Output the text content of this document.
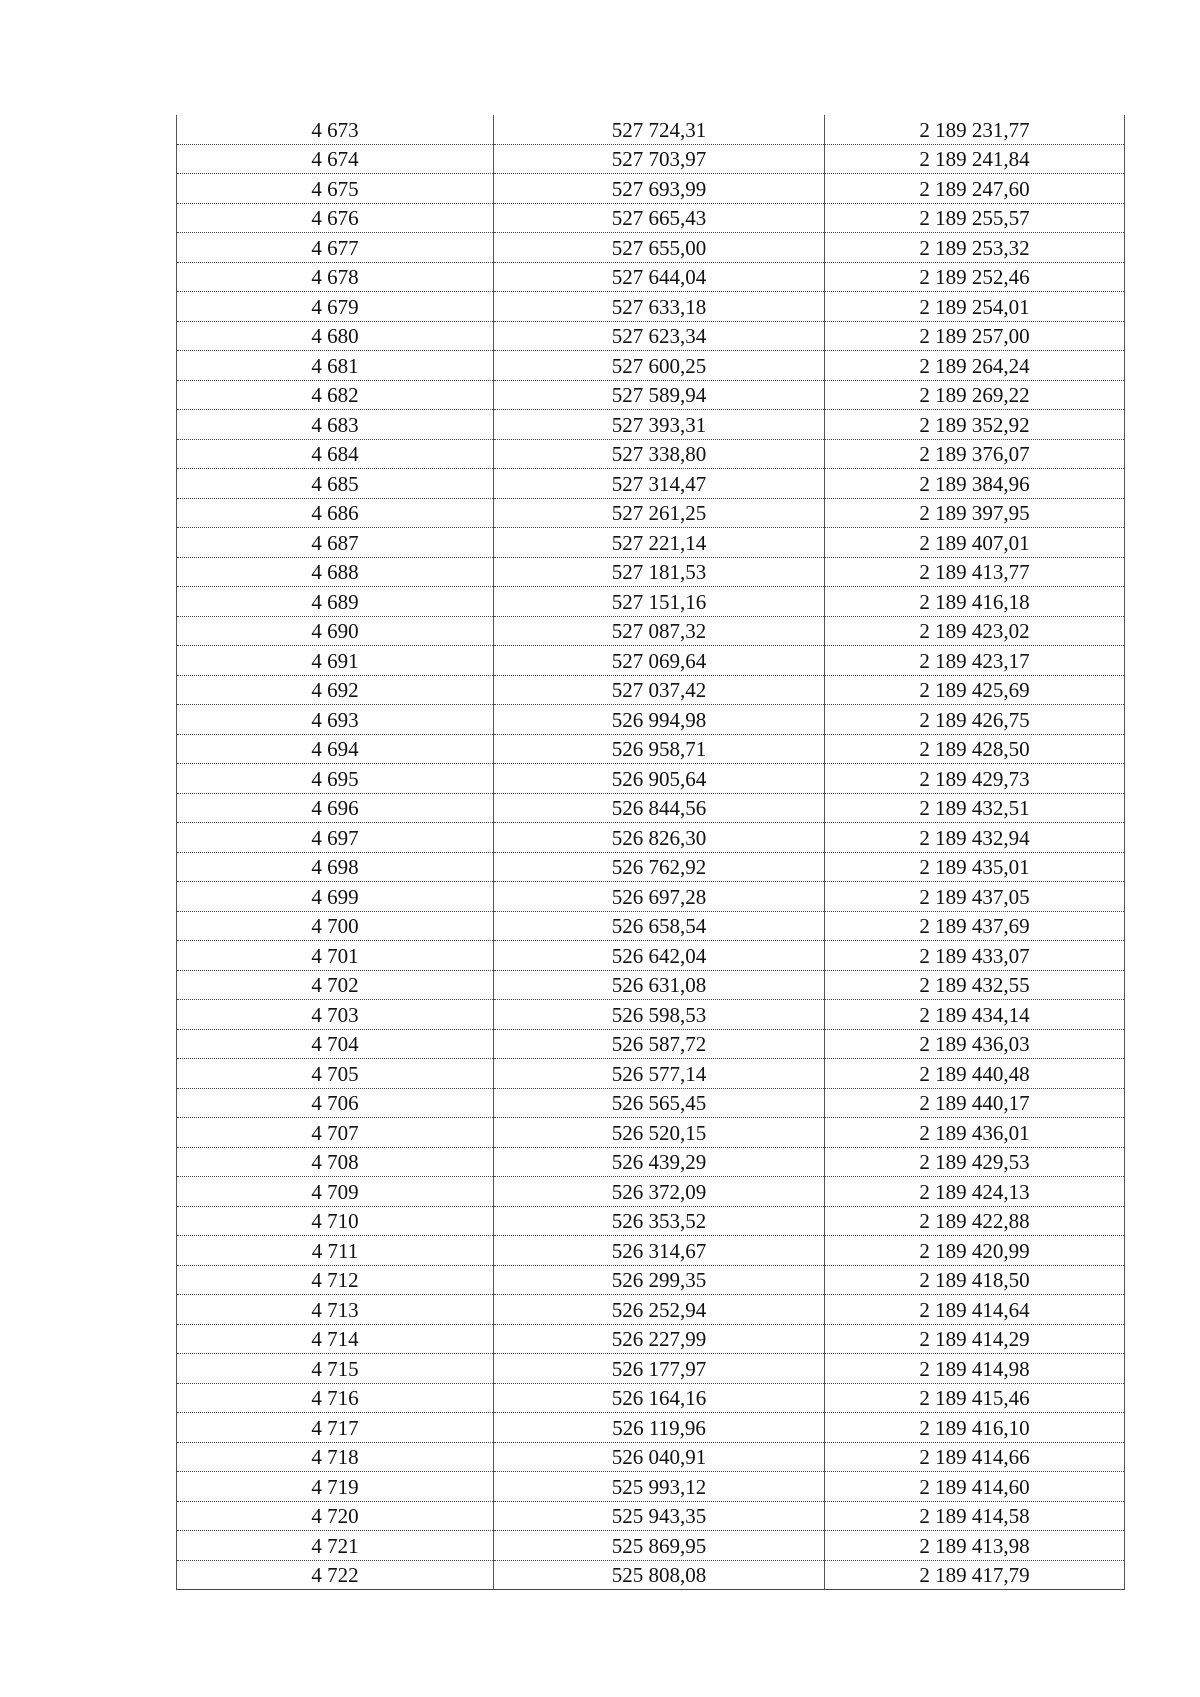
4 673	527 724,31	2 189 231,77
4 674	527 703,97	2 189 241,84
4 675	527 693,99	2 189 247,60
4 676	527 665,43	2 189 255,57
4 677	527 655,00	2 189 253,32
4 678	527 644,04	2 189 252,46
4 679	527 633,18	2 189 254,01
4 680	527 623,34	2 189 257,00
4 681	527 600,25	2 189 264,24
4 682	527 589,94	2 189 269,22
4 683	527 393,31	2 189 352,92
4 684	527 338,80	2 189 376,07
4 685	527 314,47	2 189 384,96
4 686	527 261,25	2 189 397,95
4 687	527 221,14	2 189 407,01
4 688	527 181,53	2 189 413,77
4 689	527 151,16	2 189 416,18
4 690	527 087,32	2 189 423,02
4 691	527 069,64	2 189 423,17
4 692	527 037,42	2 189 425,69
4 693	526 994,98	2 189 426,75
4 694	526 958,71	2 189 428,50
4 695	526 905,64	2 189 429,73
4 696	526 844,56	2 189 432,51
4 697	526 826,30	2 189 432,94
4 698	526 762,92	2 189 435,01
4 699	526 697,28	2 189 437,05
4 700	526 658,54	2 189 437,69
4 701	526 642,04	2 189 433,07
4 702	526 631,08	2 189 432,55
4 703	526 598,53	2 189 434,14
4 704	526 587,72	2 189 436,03
4 705	526 577,14	2 189 440,48
4 706	526 565,45	2 189 440,17
4 707	526 520,15	2 189 436,01
4 708	526 439,29	2 189 429,53
4 709	526 372,09	2 189 424,13
4 710	526 353,52	2 189 422,88
4 711	526 314,67	2 189 420,99
4 712	526 299,35	2 189 418,50
4 713	526 252,94	2 189 414,64
4 714	526 227,99	2 189 414,29
4 715	526 177,97	2 189 414,98
4 716	526 164,16	2 189 415,46
4 717	526 119,96	2 189 416,10
4 718	526 040,91	2 189 414,66
4 719	525 993,12	2 189 414,60
4 720	525 943,35	2 189 414,58
4 721	525 869,95	2 189 413,98
4 722	525 808,08	2 189 417,79
